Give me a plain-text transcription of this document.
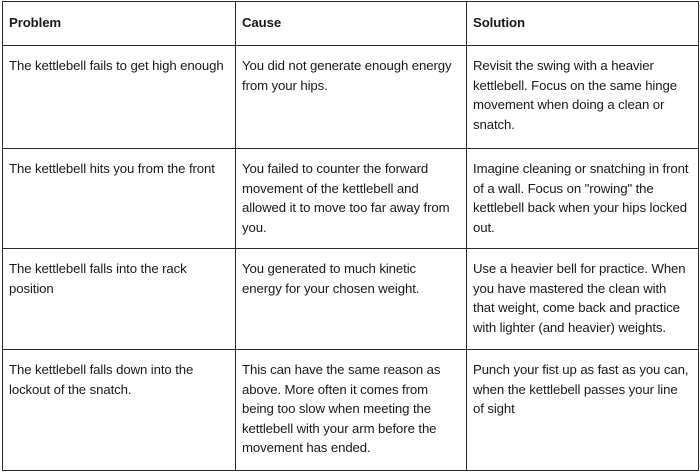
Problem	Cause	Solution
The kettlebell fails to get high enough	You did not generate enough energy from your hips.	Revisit the swing with a heavier kettlebell. Focus on the same hinge movement when doing a clean or snatch.
The kettlebell hits you from the front	You failed to counter the forward movement of the kettlebell and allowed it to move too far away from you.	Imagine cleaning or snatching in front of a wall. Focus on "rowing" the kettlebell back when your hips locked out.
The kettlebell falls into the rack position	You generated to much kinetic energy for your chosen weight.	Use a heavier bell for practice. When you have mastered the clean with that weight, come back and practice with lighter (and heavier) weights.
The kettlebell falls down into the lockout of the snatch.	This can have the same reason as above. More often it comes from being too slow when meeting the kettlebell with your arm before the movement has ended.	Punch your fist up as fast as you can, when the kettlebell passes your line of sight
